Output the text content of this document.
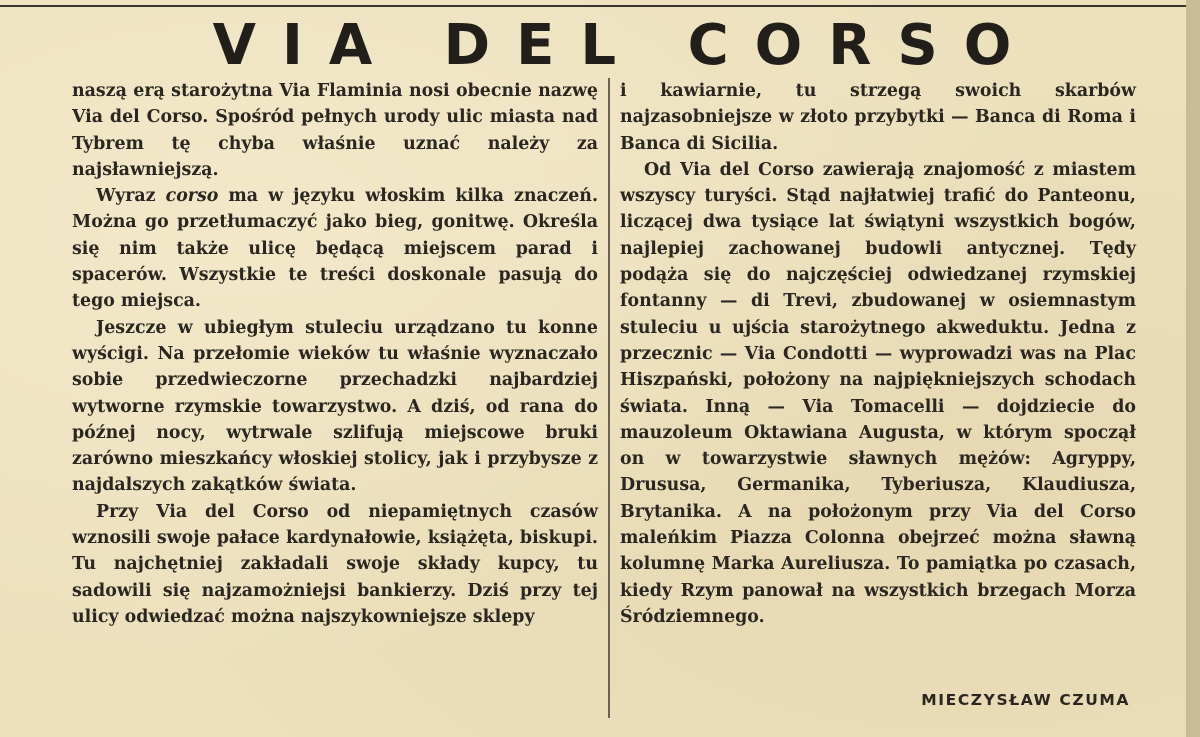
VIA DEL CORSO

naszą erą starożytna Via Flaminia nosi obecnie nazwę Via del Corso. Spośród pełnych urody ulic miasta nad Tybrem tę chyba właśnie uznać należy za najsławniejszą.

Wyraz corso ma w języku włoskim kilka znaczeń. Można go przetłumaczyć jako bieg, gonitwę. Określa się nim także ulicę będącą miejscem parad i spacerów. Wszystkie te treści doskonale pasują do tego miejsca.

Jeszcze w ubiegłym stuleciu urządzano tu konne wyścigi. Na przełomie wieków tu właśnie wyznaczało sobie przedwieczorne przechadzki najbardziej wytworne rzymskie towarzystwo. A dziś, od rana do późnej nocy, wytrwale szlifują miejscowe bruki zarówno mieszkańcy włoskiej stolicy, jak i przybysze z najdalszych zakątków świata.

Przy Via del Corso od niepamiętnych czasów wznosili swoje pałace kardynałowie, książęta, biskupi. Tu najchętniej zakładali swoje składy kupcy, tu sadowili się najzamożniejsi bankierzy. Dziś przy tej ulicy odwiedzać można najszykowniejsze sklepy

i kawiarnie, tu strzegą swoich skarbów najzasobniejsze w złoto przybytki — Banca di Roma i Banca di Sicilia.

Od Via del Corso zawierają znajomość z miastem wszyscy turyści. Stąd najłatwiej trafić do Panteonu, liczącej dwa tysiące lat świątyni wszystkich bogów, najlepiej zachowanej budowli antycznej. Tędy podąża się do najczęściej odwiedzanej rzymskiej fontanny — di Trevi, zbudowanej w osiemnastym stuleciu u ujścia starożytnego akweduktu. Jedna z przecznic — Via Condotti — wyprowadzi was na Plac Hiszpański, położony na najpiękniejszych schodach świata. Inną — Via Tomacelli — dojdziecie do mauzoleum Oktawiana Augusta, w którym spoczął on w towarzystwie sławnych mężów: Agryppy, Drususa, Germanika, Tyberiusza, Klaudiusza, Brytanika. A na położonym przy Via del Corso maleńkim Piazza Colonna obejrzeć można sławną kolumnę Marka Aureliusza. To pamiątka po czasach, kiedy Rzym panował na wszystkich brzegach Morza Śródziemnego.

MIECZYSŁAW CZUMA
